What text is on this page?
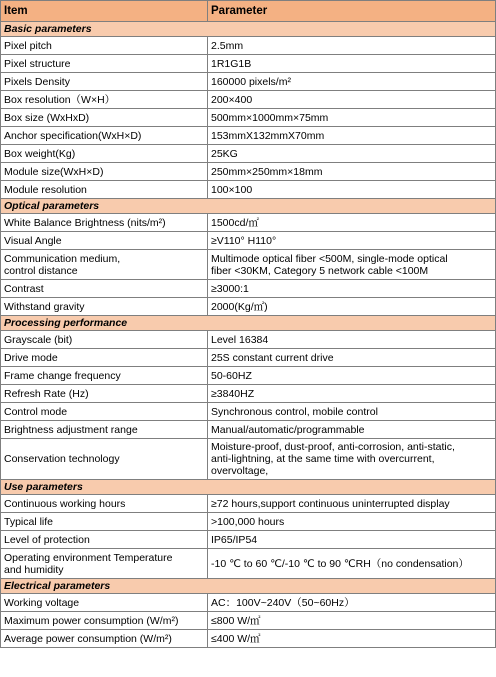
Item	Parameter
Basic parameters	
Pixel pitch	2.5mm
Pixel structure	1R1G1B
Pixels Density	160000 pixels/m²
Box resolution（W×H）	200×400
Box size (WxHxD)	500mm×1000mm×75mm
Anchor specification(WxH×D)	153mmX132mmX70mm
Box weight(Kg)	25KG
Module size(WxH×D)	250mm×250mm×18mm
Module resolution	100×100
Optical parameters	
White Balance Brightness (nits/m²)	1500cd/㎡
Visual Angle	≥V110° H110°
Communication medium,
control distance	Multimode optical fiber <500M, single-mode optical
fiber <30KM, Category 5 network cable <100M
Contrast	≥3000:1
Withstand gravity	2000(Kg/㎡)
Processing performance	
Grayscale (bit)	Level 16384
Drive mode	25S constant current drive
Frame change frequency	50-60HZ
Refresh Rate (Hz)	≥3840HZ
Control mode	Synchronous control, mobile control
Brightness adjustment range	Manual/automatic/programmable
Conservation technology	Moisture-proof, dust-proof, anti-corrosion, anti-static,
anti-lightning, at the same time with overcurrent,
overvoltage,
Use parameters	
Continuous working hours	≥72 hours,support continuous uninterrupted display
Typical life	>100,000 hours
Level of protection	IP65/IP54
Operating environment Temperature
and humidity	-10 ℃ to 60 ℃/-10 ℃ to 90 ℃RH（no condensation）
Electrical parameters	
Working voltage	AC：100V~240V（50~60Hz）
Maximum power consumption (W/m²)	≤800 W/㎡
Average power consumption (W/m²)	≤400 W/㎡
